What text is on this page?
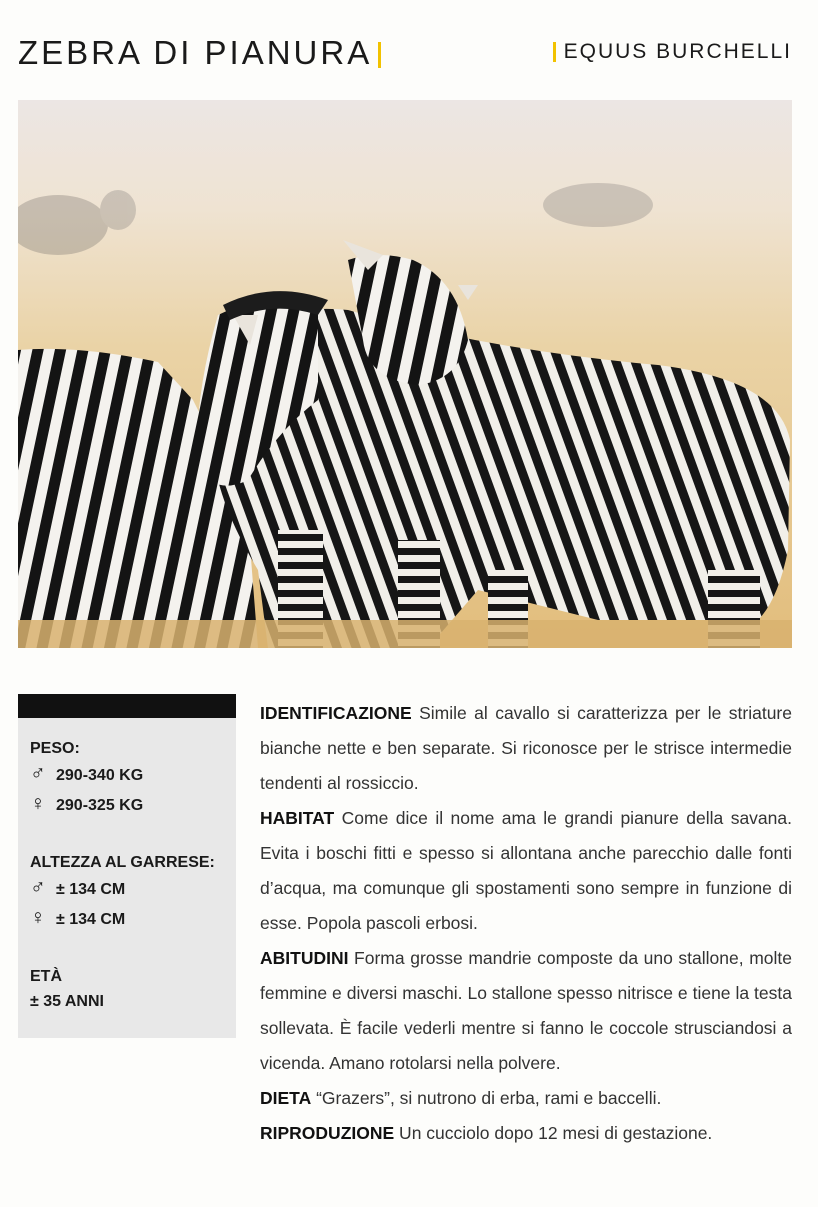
ZEBRA DI PIANURA	EQUUS BURCHELLI
PESO:
♂ 290-340 KG
♀ 290-325 KG
ALTEZZA AL GARRESE:
♂ ± 134 CM
♀ ± 134 CM
ETÀ
± 35 ANNI

IDENTIFICAZIONE Simile al cavallo si caratterizza per le striature bianche nette e ben separate. Si riconosce per le strisce intermedie tendenti al rossiccio.

HABITAT Come dice il nome ama le grandi pianure della savana. Evita i boschi fitti e spesso si allontana anche parecchio dalle fonti d’acqua, ma comunque gli spostamenti sono sempre in funzione di esse. Popola pascoli erbosi.

ABITUDINI Forma grosse mandrie composte da uno stallone, molte femmine e diversi maschi. Lo stallone spesso nitrisce e tiene la testa sollevata. È facile vederli mentre si fanno le coccole strusciandosi a vicenda. Amano rotolarsi nella polvere.

DIETA “Grazers”, si nutrono di erba, rami e baccelli.

RIPRODUZIONE Un cucciolo dopo 12 mesi di gestazione.
